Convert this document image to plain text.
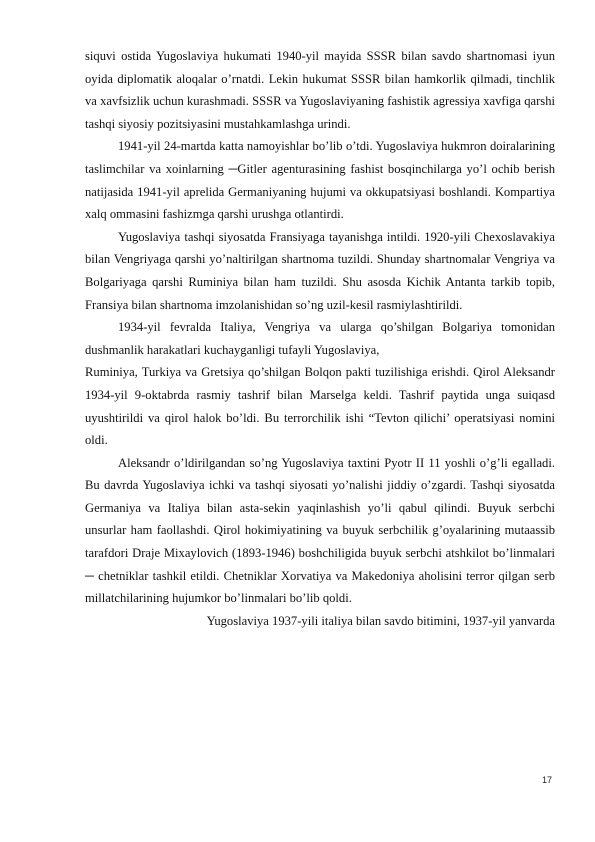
siquvi ostida Yugoslaviya hukumati 1940-yil mayida SSSR bilan savdo shartnomasi iyun oyida diplomatik aloqalar o’rnatdi. Lekin hukumat SSSR bilan hamkorlik qilmadi, tinchlik va xavfsizlik uchun kurashmadi. SSSR va Yugoslaviyaning fashistik agressiya xavfiga qarshi tashqi siyosiy pozitsiyasini mustahkamlashga urindi.

1941-yil 24-martda katta namoyishlar bo’lib o’tdi. Yugoslaviya hukmron doiralarining taslimchilar va xoinlarning ─Gitler agenturasining fashist bosqinchilarga yo’l ochib berish natijasida 1941-yil aprelida Germaniyaning hujumi va okkupatsiyasi boshlandi. Kompartiya xalq ommasini fashizmga qarshi urushga otlantirdi.

Yugoslaviya tashqi siyosatda Fransiyaga tayanishga intildi. 1920-yili Chexoslavakiya bilan Vengriyaga qarshi yo’naltirilgan shartnoma tuzildi. Shunday shartnomalar Vengriya va Bolgariyaga qarshi Ruminiya bilan ham tuzildi. Shu asosda Kichik Antanta tarkib topib, Fransiya bilan shartnoma imzolanishidan so’ng uzil-kesil rasmiylashtirildi.

1934-yil fevralda Italiya, Vengriya va ularga qo’shilgan Bolgariya tomonidan dushmanlik harakatlari kuchayganligi tufayli Yugoslaviya,

Ruminiya, Turkiya va Gretsiya qo’shilgan Bolqon pakti tuzilishiga erishdi. Qirol Aleksandr 1934-yil 9-oktabrda rasmiy tashrif bilan Marselga keldi. Tashrif paytida unga suiqasd uyushtirildi va qirol halok bo’ldi. Bu terrorchilik ishi “Tevton qilichi’ operatsiyasi nomini oldi.

Aleksandr o’ldirilgandan so’ng Yugoslaviya taxtini Pyotr II 11 yoshli o’g’li egalladi. Bu davrda Yugoslaviya ichki va tashqi siyosati yo’nalishi jiddiy o’zgardi. Tashqi siyosatda Germaniya va Italiya bilan asta-sekin yaqinlashish yo’li qabul qilindi. Buyuk serbchi unsurlar ham faollashdi. Qirol hokimiyatining va buyuk serbchilik g’oyalarining mutaassib tarafdori Draje Mixaylovich (1893-1946) boshchiligida buyuk serbchi atshkilot bo’linmalari ─ chetniklar tashkil etildi. Chetniklar Xorvatiya va Makedoniya aholisini terror qilgan serb millatchilarining hujumkor bo’linmalari bo’lib qoldi.

Yugoslaviya 1937-yili italiya bilan savdo bitimini, 1937-yil yanvarda

17
